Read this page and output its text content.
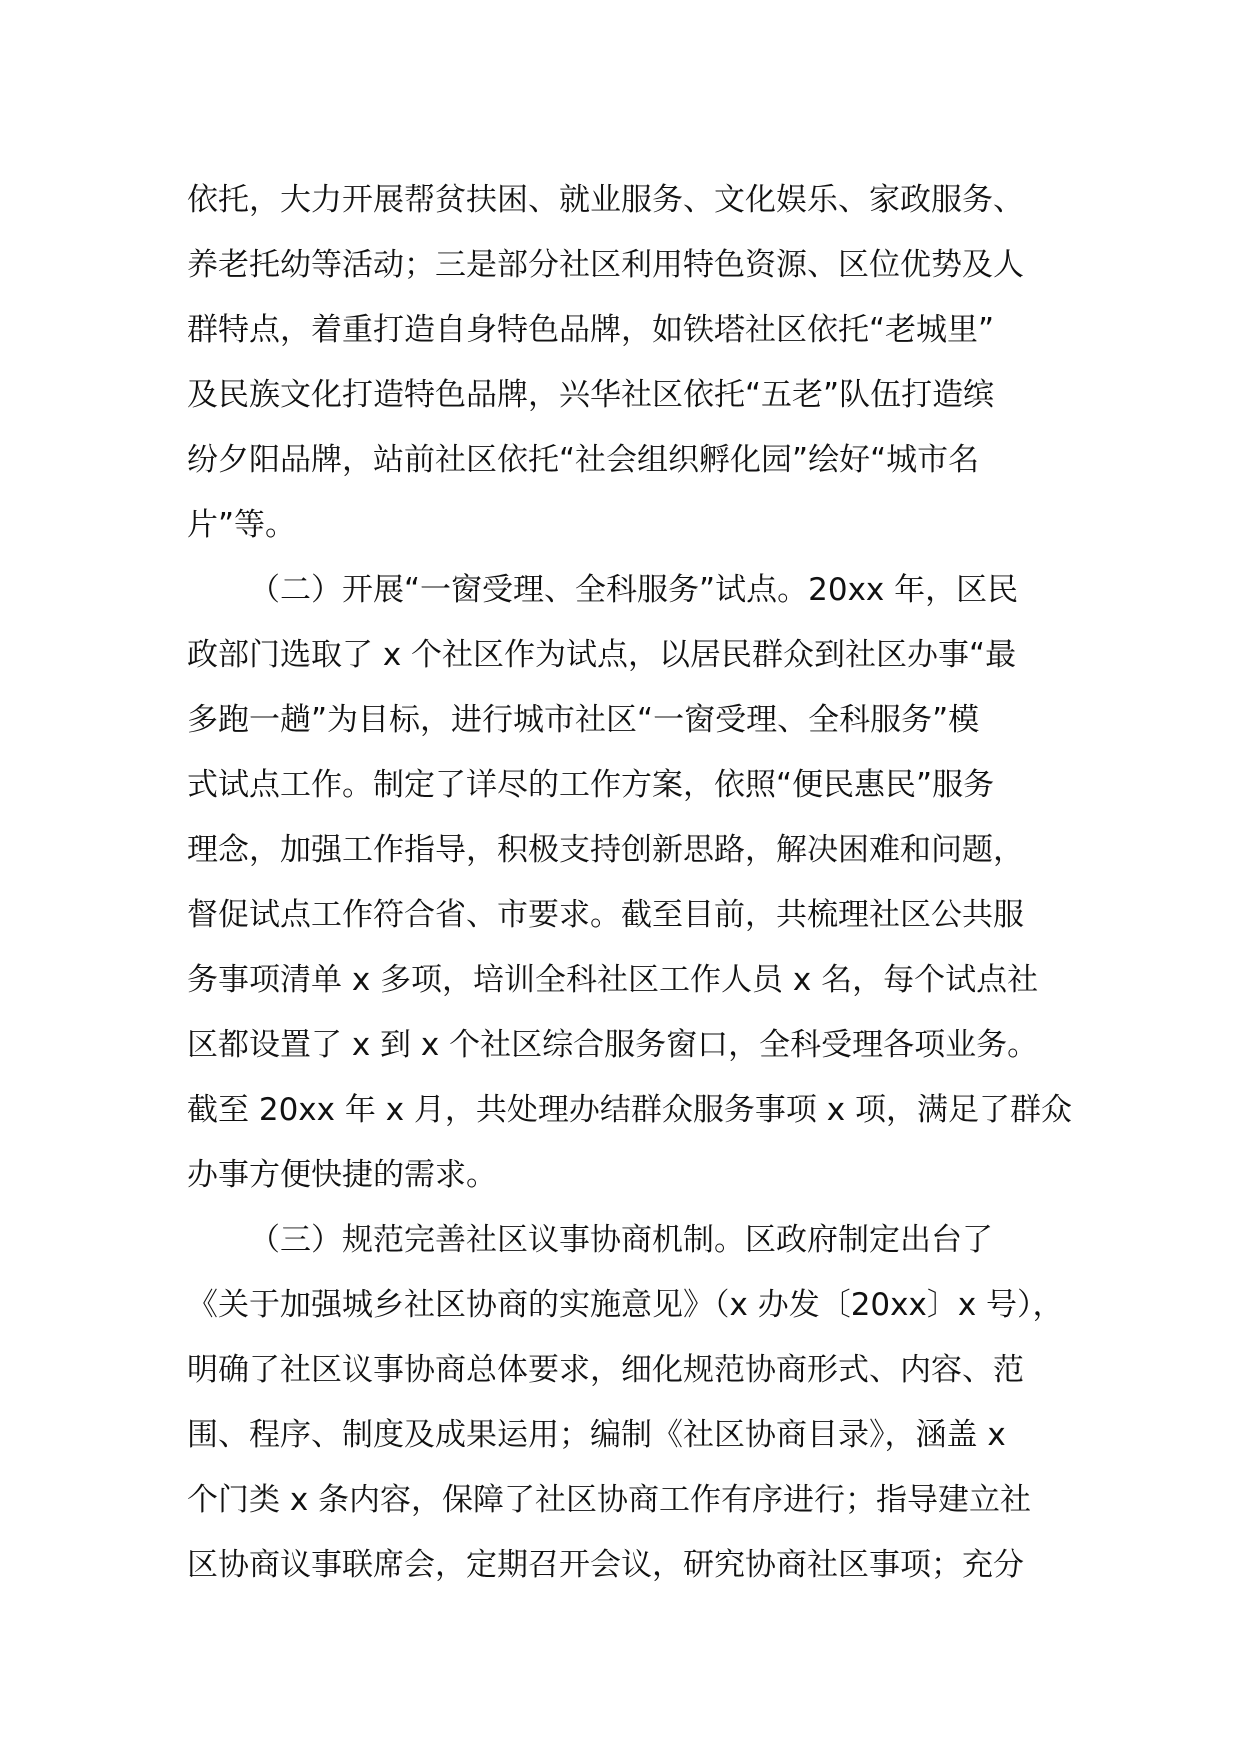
依托，大力开展帮贫扶困、就业服务、文化娱乐、家政服务、
养老托幼等活动；三是部分社区利用特色资源、区位优势及人
群特点，着重打造自身特色品牌，如铁塔社区依托“老城里”
及民族文化打造特色品牌，兴华社区依托“五老”队伍打造缤
纷夕阳品牌，站前社区依托“社会组织孵化园”绘好“城市名
片”等。
（二）开展“一窗受理、全科服务”试点。20xx 年，区民
政部门选取了 x 个社区作为试点，以居民群众到社区办事“最
多跑一趟”为目标，进行城市社区“一窗受理、全科服务”模
式试点工作。制定了详尽的工作方案，依照“便民惠民”服务
理念，加强工作指导，积极支持创新思路，解决困难和问题，
督促试点工作符合省、市要求。截至目前，共梳理社区公共服
务事项清单 x 多项，培训全科社区工作人员 x 名，每个试点社
区都设置了 x 到 x 个社区综合服务窗口，全科受理各项业务。
截至 20xx 年 x 月，共处理办结群众服务事项 x 项，满足了群众
办事方便快捷的需求。
（三）规范完善社区议事协商机制。区政府制定出台了
《关于加强城乡社区协商的实施意见》（x 办发〔20xx〕x 号），
明确了社区议事协商总体要求，细化规范协商形式、内容、范
围、程序、制度及成果运用；编制《社区协商目录》，涵盖 x
个门类 x 条内容，保障了社区协商工作有序进行；指导建立社
区协商议事联席会，定期召开会议，研究协商社区事项；充分
